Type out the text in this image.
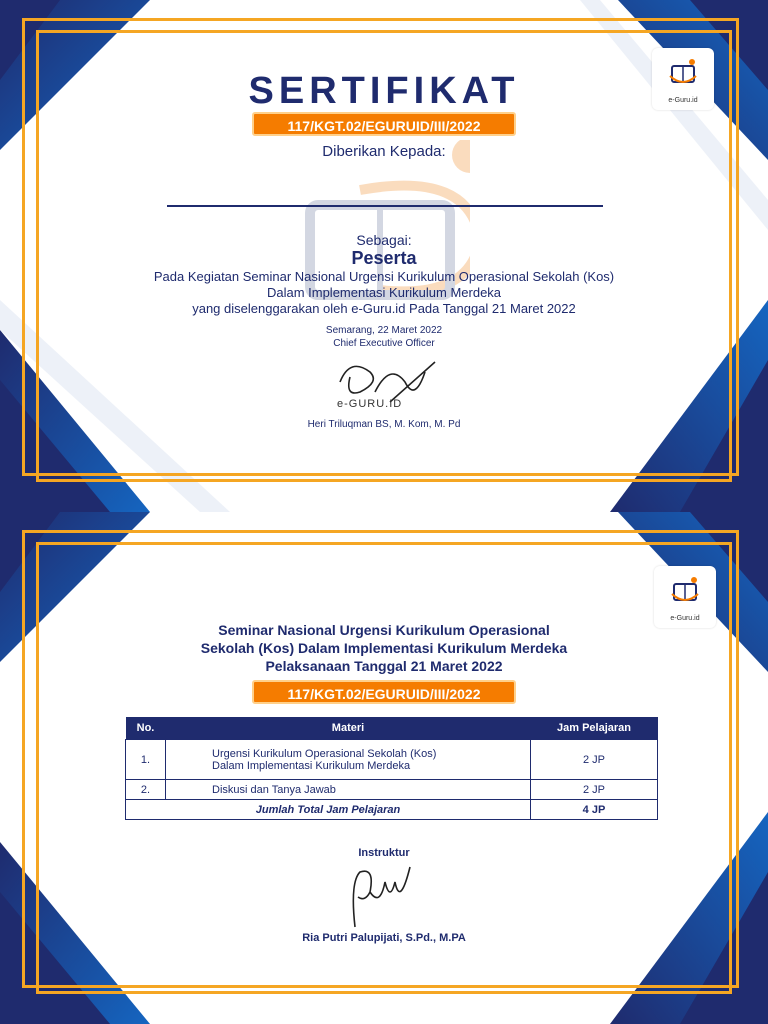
e-Guru.id
SERTIFIKAT
117/KGT.02/EGURUID/III/2022
Diberikan Kepada:
Sebagai:
Peserta
Pada Kegiatan Seminar Nasional Urgensi Kurikulum Operasional Sekolah (Kos)
Dalam Implementasi Kurikulum Merdeka
yang diselenggarakan oleh e-Guru.id Pada Tanggal 21 Maret 2022
Semarang, 22 Maret 2022
Chief Executive Officer
e-GURU.ID
Heri Triluqman BS, M. Kom, M. Pd
e-Guru.id
Seminar Nasional Urgensi Kurikulum Operasional
Sekolah (Kos) Dalam Implementasi Kurikulum Merdeka
Pelaksanaan Tanggal 21 Maret 2022
117/KGT.02/EGURUID/III/2022
No.	Materi	Jam Pelajaran
1.	Urgensi Kurikulum Operasional Sekolah (Kos)
Dalam Implementasi Kurikulum Merdeka	2 JP
2.	Diskusi dan Tanya Jawab	2 JP
Jumlah Total Jam Pelajaran		4 JP
Instruktur
Ria Putri Palupijati, S.Pd., M.PA
